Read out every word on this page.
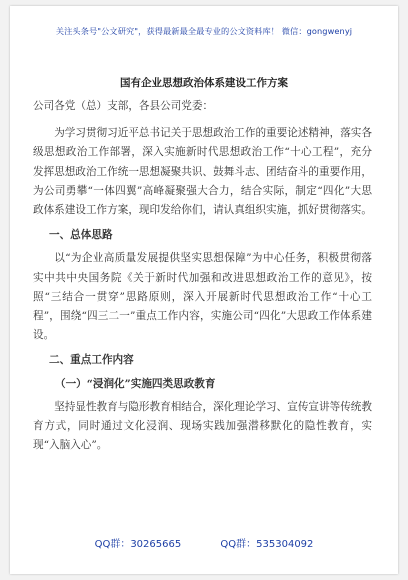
关注头条号"公文研究"，获得最新最全最专业的公文资料库！ 微信：gongwenyj
国有企业思想政治体系建设工作方案

公司各党（总）支部，各县公司党委：

为学习贯彻习近平总书记关于思想政治工作的重要论述精神，落实各级思想政治工作部署，深入实施新时代思想政治工作“十心工程”，充分发挥思想政治工作统一思想凝聚共识、鼓舞斗志、团结奋斗的重要作用，为公司勇攀“一体四翼”高峰凝聚强大合力，结合实际，制定“四化”大思政体系建设工作方案，现印发给你们，请认真组织实施，抓好贯彻落实。

一、总体思路

以“为企业高质量发展提供坚实思想保障”为中心任务，积极贯彻落实中共中央国务院《关于新时代加强和改进思想政治工作的意见》，按照“三结合一贯穿”思路原则，深入开展新时代思想政治工作“十心工程”，围绕“四三二一”重点工作内容，实施公司“四化”大思政工作体系建设。

二、重点工作内容
（一）“浸润化”实施四类思政教育

坚持显性教育与隐形教育相结合，深化理论学习、宣传宣讲等传统教育方式，同时通过文化浸润、现场实践加强潜移默化的隐性教育，实现“入脑入心”。

QQ群：30265665	QQ群：535304092
